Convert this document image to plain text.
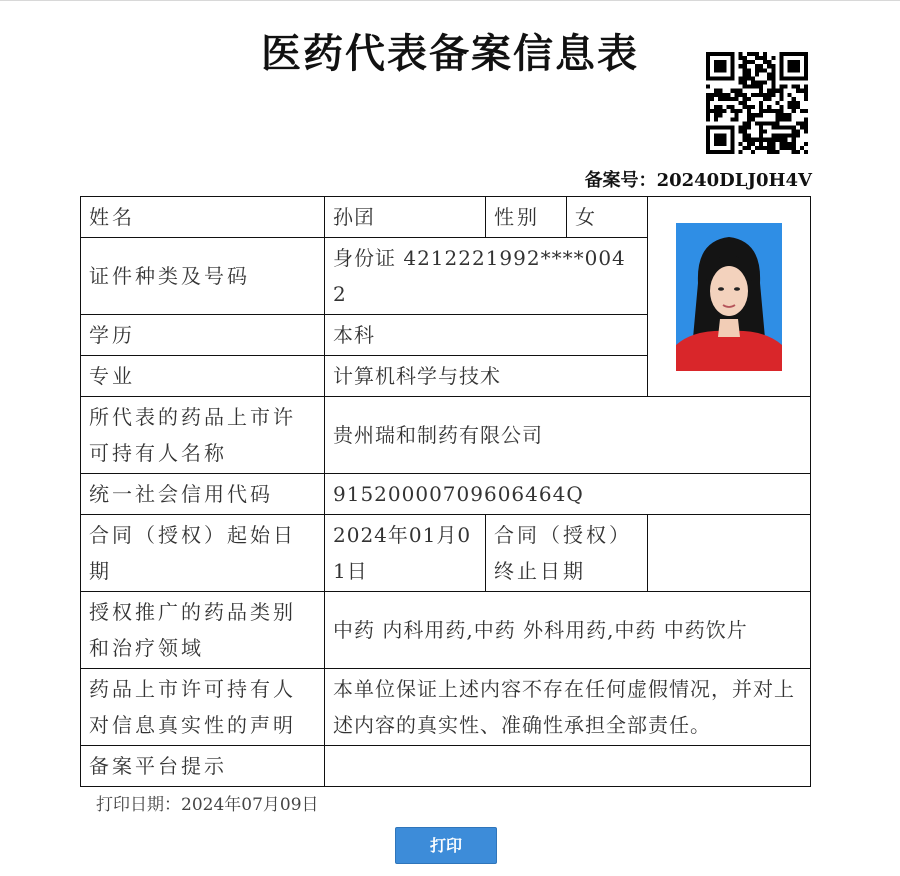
医药代表备案信息表
备案号：20240DLJ0H4V
姓名	孙囝	性别	女	

证件种类及号码	身份证 4212221992****0042			
学历	本科			
专业	计算机科学与技术			
所代表的药品上市许可持有人名称	贵州瑞和制药有限公司			
统一社会信用代码	91520000709606464Q			
合同（授权）起始日期	2024年01月01日	合同（授权）终止日期		
授权推广的药品类别和治疗领域	中药 内科用药,中药 外科用药,中药 中药饮片			
药品上市许可持有人对信息真实性的声明	本单位保证上述内容不存在任何虚假情况，并对上述内容的真实性、准确性承担全部责任。			
备案平台提示				
打印日期：2024年07月09日
打印
